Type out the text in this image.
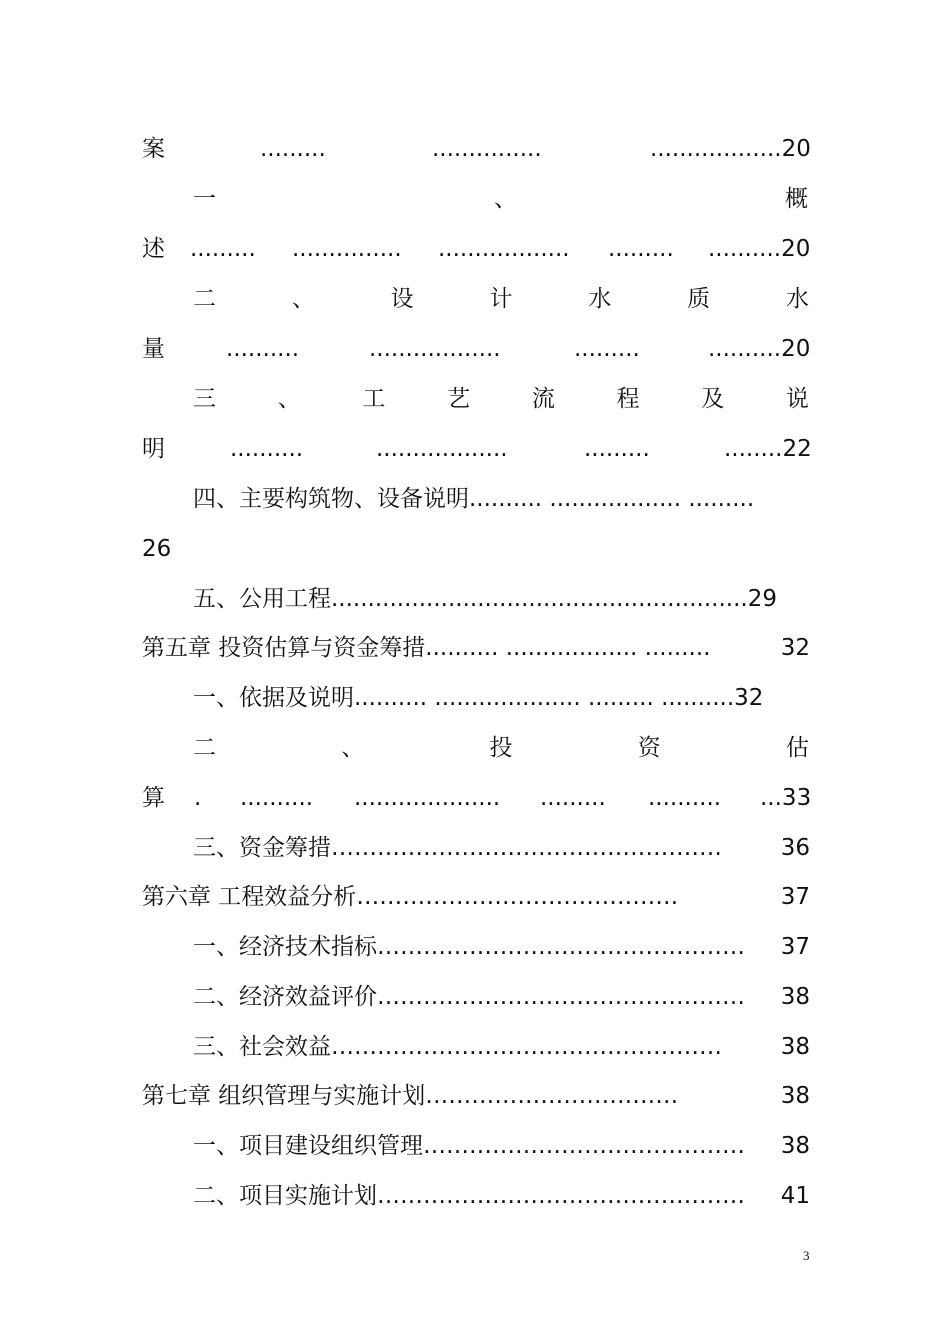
案	.........	...............	..................20
一	、	概
述 ......... ............... .................. ......... ..........20
二	、	设	计	水	质	水
量	..........	..................	.........	..........20
三	、	工	艺	流	程	及	说
明	..........	..................	.........	........22
四、主要构筑物、设备说明.......... .................. .........
26
五、公用工程.........................................................29
第五章 投资估算与资金筹措.......... .................. .........	32
一、依据及说明.......... .................... ......... ..........32
二	、	投	资	估
算 . .......... .................... ......... .......... ...33
三、资金筹措……………………………………………	36
第六章 工程效益分析……………………………………	37
一、经济技术指标………………………………………… 37
二、经济效益评价………………………………………… 38
三、社会效益……………………………………………	38
第七章 组织管理与实施计划……………………………	38
一、项目建设组织管理…………………………………… 38
二、项目实施计划………………………………………… 41
3
